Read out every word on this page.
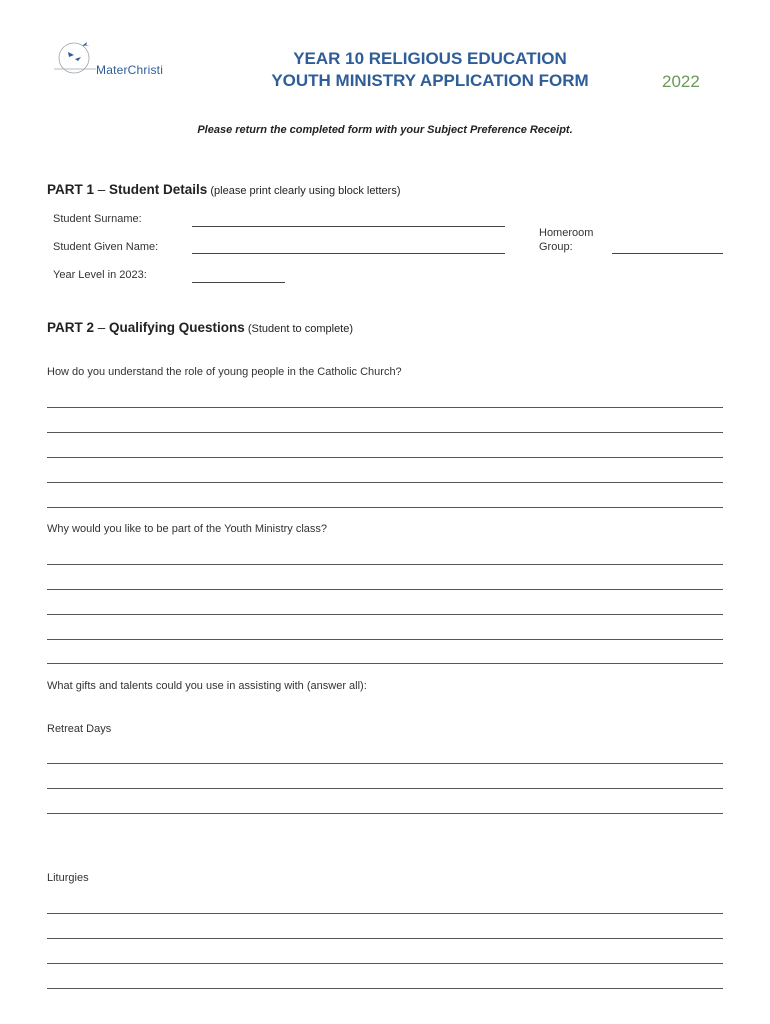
MaterChristi
YEAR 10 RELIGIOUS EDUCATION
YOUTH MINISTRY APPLICATION FORM	2022
Please return the completed form with your Subject Preference Receipt.
PART 1 – Student Details (please print clearly using block letters)
Student Surname:
Student Given Name:
Year Level in 2023:
Homeroom
Group:
PART 2 – Qualifying Questions (Student to complete)
How do you understand the role of young people in the Catholic Church?
Why would you like to be part of the Youth Ministry class?
What gifts and talents could you use in assisting with (answer all):
Retreat Days
Liturgies
